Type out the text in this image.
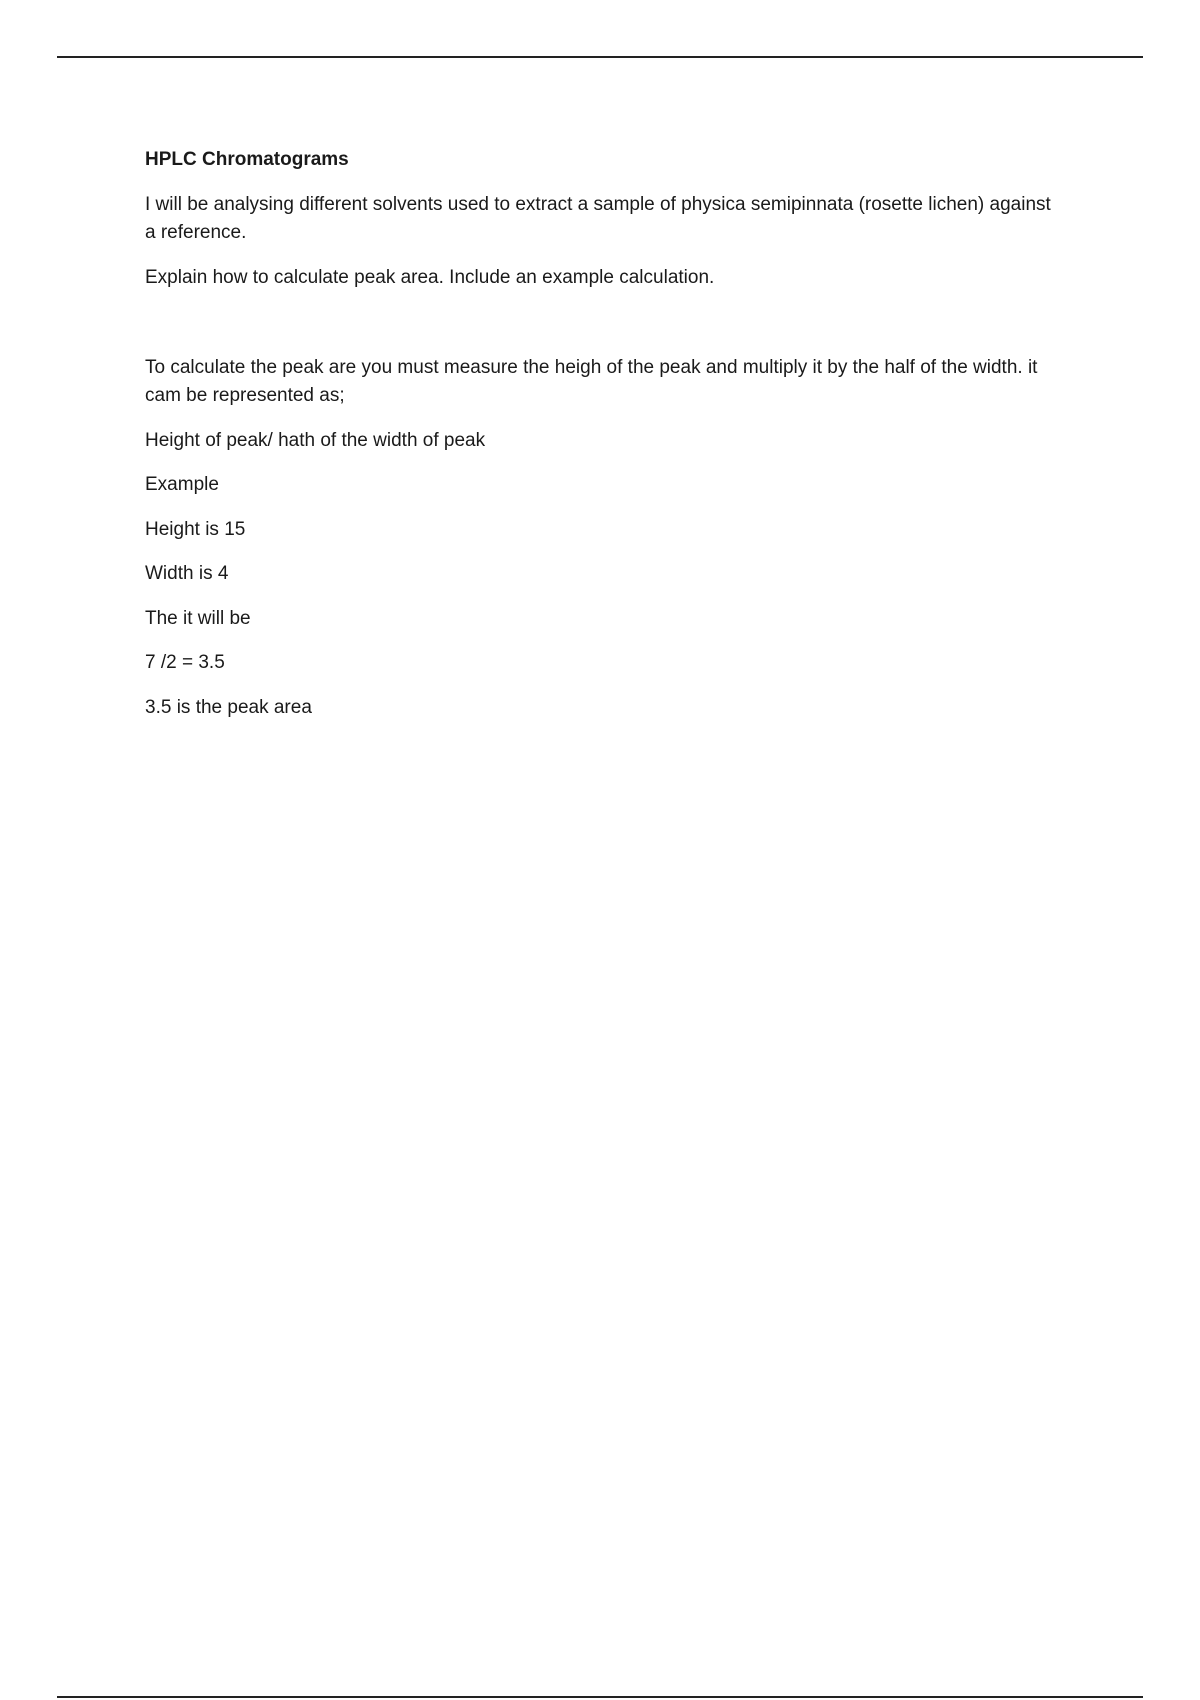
HPLC Chromatograms

I will be analysing different solvents used to extract a sample of physica semipinnata (rosette lichen) against a reference.

Explain how to calculate peak area. Include an example calculation.

To calculate the peak are you must measure the heigh of the peak and multiply it by the half of the width. it cam be represented as;

Height of peak/ hath of the width of peak

Example

Height is 15

Width is 4

The it will be

7 /2 = 3.5

3.5 is the peak area
